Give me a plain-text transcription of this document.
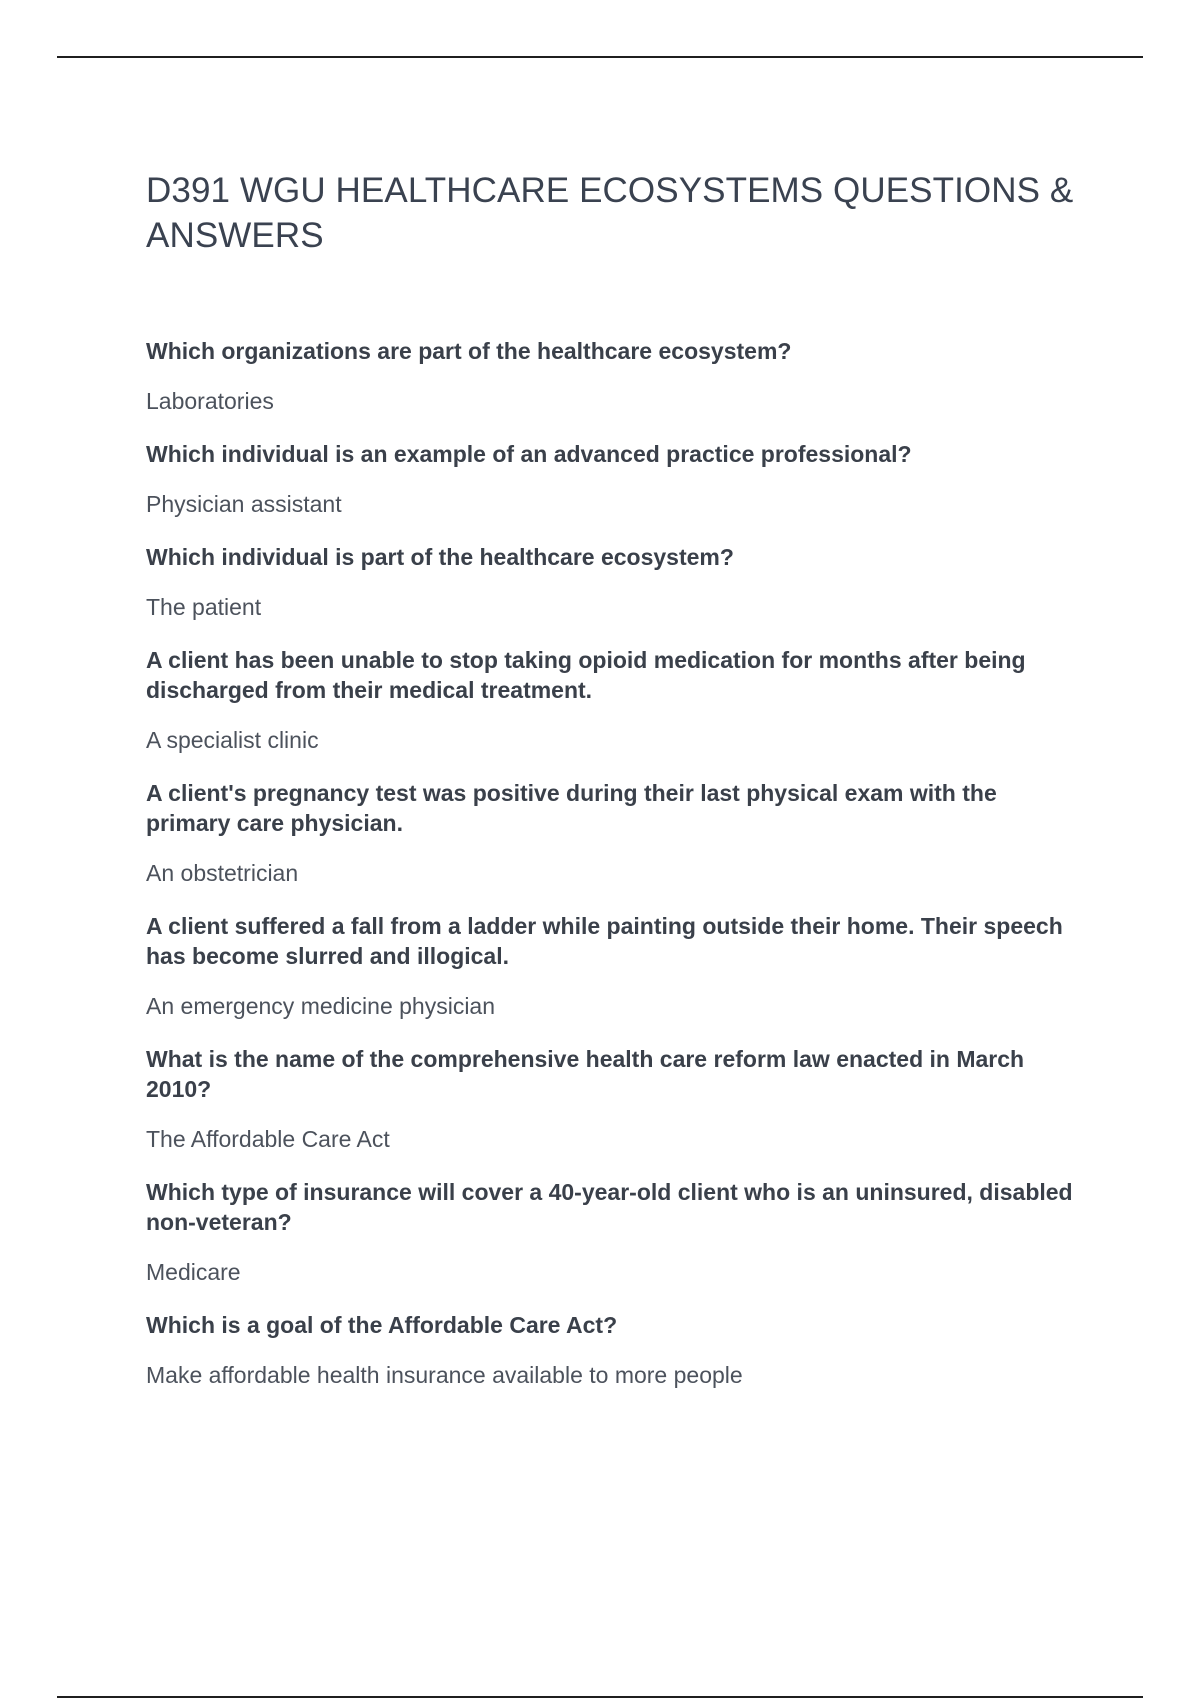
D391 WGU HEALTHCARE ECOSYSTEMS QUESTIONS & ANSWERS

Which organizations are part of the healthcare ecosystem?

Laboratories

Which individual is an example of an advanced practice professional?

Physician assistant

Which individual is part of the healthcare ecosystem?

The patient

A client has been unable to stop taking opioid medication for months after being discharged from their medical treatment.

A specialist clinic

A client's pregnancy test was positive during their last physical exam with the primary care physician.

An obstetrician

A client suffered a fall from a ladder while painting outside their home. Their speech has become slurred and illogical.

An emergency medicine physician

What is the name of the comprehensive health care reform law enacted in March 2010?

The Affordable Care Act

Which type of insurance will cover a 40-year-old client who is an uninsured, disabled non-veteran?

Medicare

Which is a goal of the Affordable Care Act?

Make affordable health insurance available to more people
